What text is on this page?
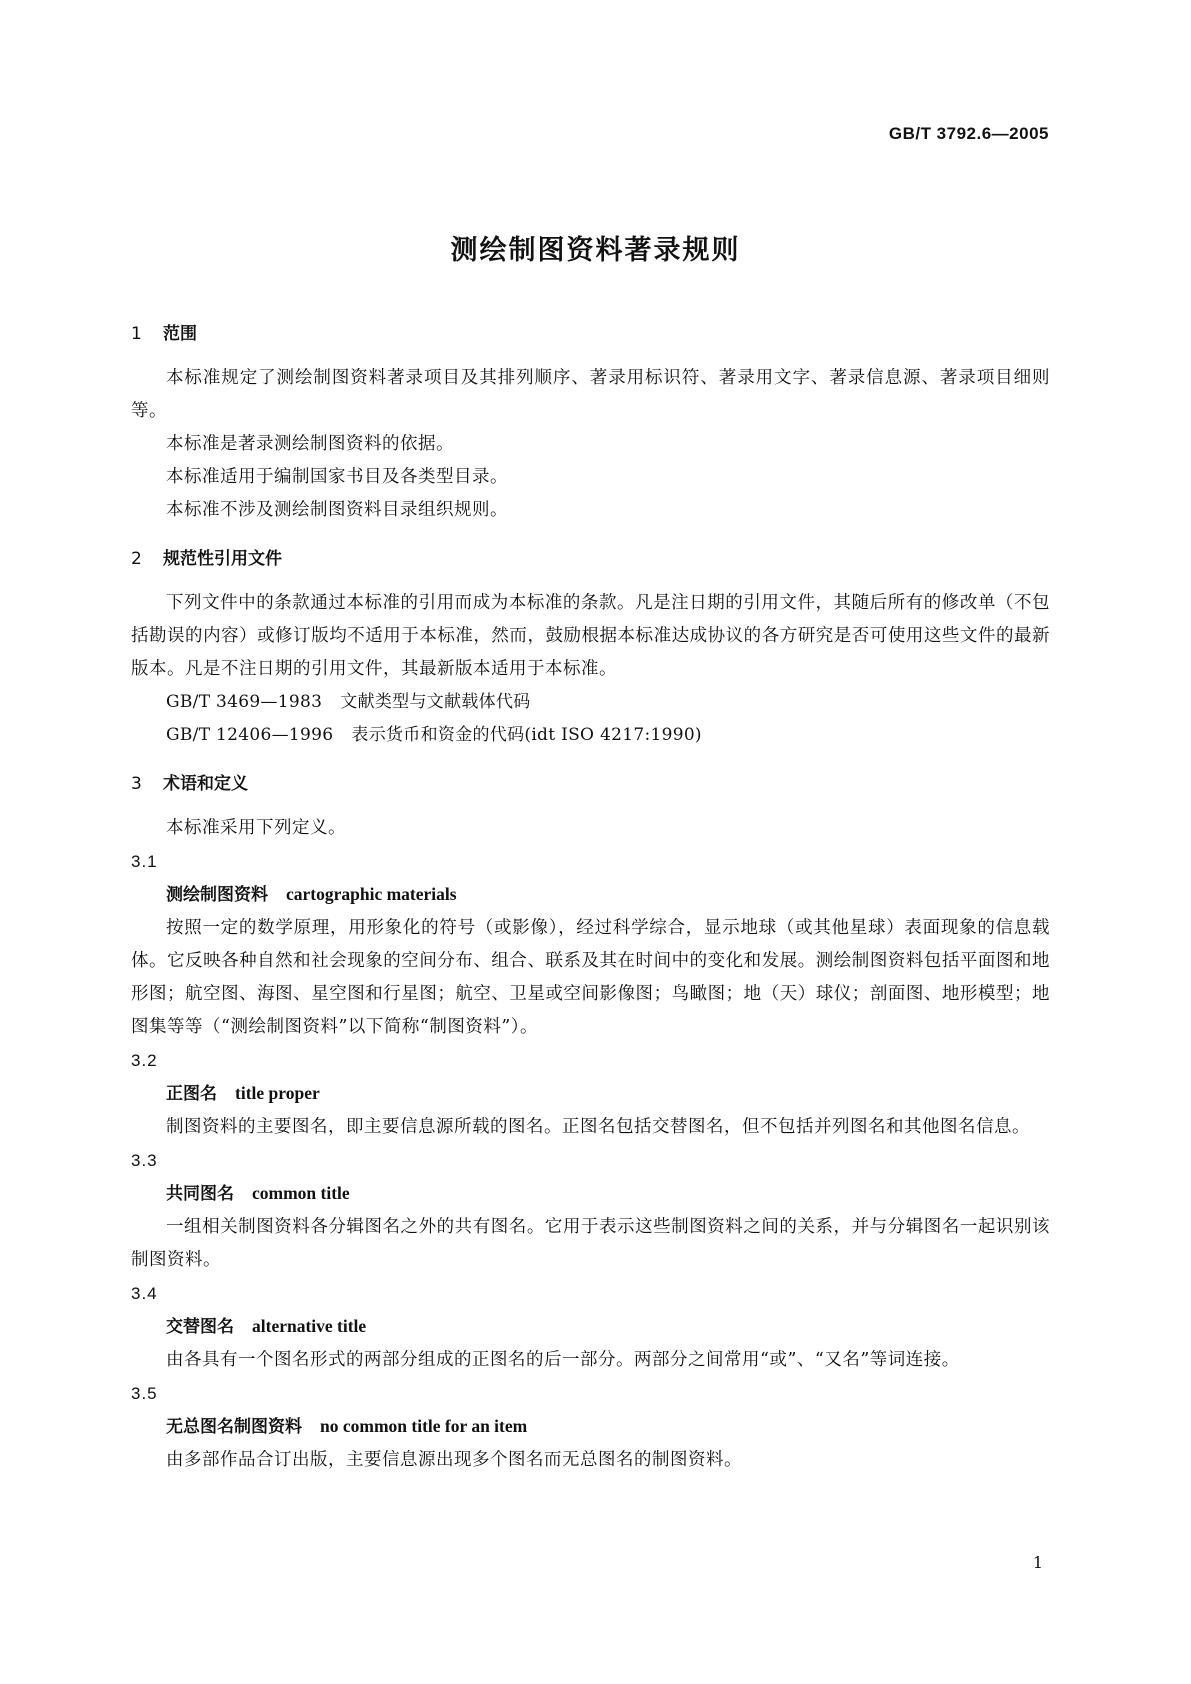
GB/T 3792.6—2005
测绘制图资料著录规则
1 范围
本标准规定了测绘制图资料著录项目及其排列顺序、著录用标识符、著录用文字、著录信息源、著录项目细则等。
本标准是著录测绘制图资料的依据。
本标准适用于编制国家书目及各类型目录。
本标准不涉及测绘制图资料目录组织规则。
2 规范性引用文件
下列文件中的条款通过本标准的引用而成为本标准的条款。凡是注日期的引用文件，其随后所有的修改单（不包括勘误的内容）或修订版均不适用于本标准，然而，鼓励根据本标准达成协议的各方研究是否可使用这些文件的最新版本。凡是不注日期的引用文件，其最新版本适用于本标准。
GB/T 3469—1983 文献类型与文献载体代码
GB/T 12406—1996 表示货币和资金的代码(idt ISO 4217:1990)
3 术语和定义
本标准采用下列定义。
3.1
测绘制图资料 cartographic materials
按照一定的数学原理，用形象化的符号（或影像），经过科学综合，显示地球（或其他星球）表面现象的信息载体。它反映各种自然和社会现象的空间分布、组合、联系及其在时间中的变化和发展。测绘制图资料包括平面图和地形图；航空图、海图、星空图和行星图；航空、卫星或空间影像图；鸟瞰图；地（天）球仪；剖面图、地形模型；地图集等等（“测绘制图资料”以下简称“制图资料”）。
3.2
正图名 title proper
制图资料的主要图名，即主要信息源所载的图名。正图名包括交替图名，但不包括并列图名和其他图名信息。
3.3
共同图名 common title
一组相关制图资料各分辑图名之外的共有图名。它用于表示这些制图资料之间的关系，并与分辑图名一起识别该制图资料。
3.4
交替图名 alternative title
由各具有一个图名形式的两部分组成的正图名的后一部分。两部分之间常用“或”、“又名”等词连接。
3.5
无总图名制图资料 no common title for an item
由多部作品合订出版，主要信息源出现多个图名而无总图名的制图资料。
1
